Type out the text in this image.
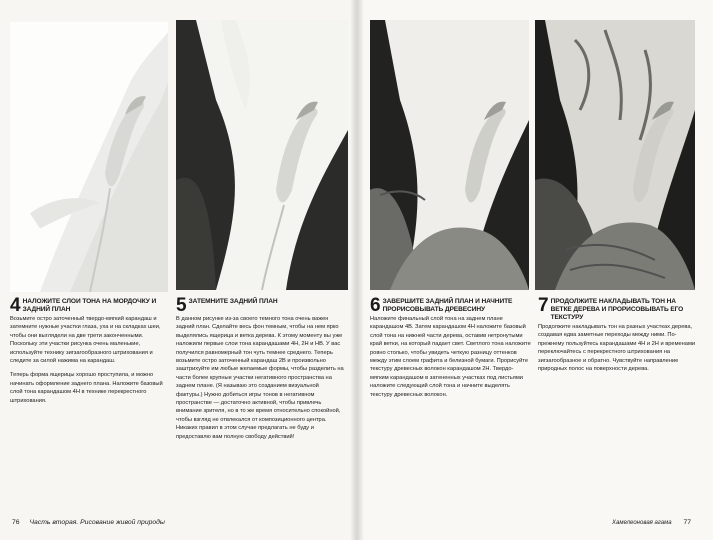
4 НАЛОЖИТЕ СЛОИ ТОНА НА МОРДОЧКУ И ЗАДНИЙ ПЛАН

Возьмите остро заточенный твердо-мягкий карандаш и затемните нужные участки глаза, уха и на складках шеи, чтобы они выглядели на две трети законченными. Поскольку эти участки рисунка очень маленькие, используйте технику зигзагообразного штрихования и следите за силой нажима на карандаш.

Теперь форма ящерицы хорошо проступила, и можно начинать оформление заднего плана. Наложите базовый слой тона карандашом 4H в технике перекрестного штрихования.

5 ЗАТЕМНИТЕ ЗАДНИЙ ПЛАН

В данном рисунке из-за своего темного тона очень важен задний план. Сделайте весь фон темным, чтобы на нем ярко выделялись ящерица и ветка дерева. К этому моменту вы уже наложили первые слои тона карандашами 4H, 2H и HB. У вас получился равномерный тон чуть темнее среднего. Теперь возьмите остро заточенный карандаш 2B и произвольно заштрихуйте им любые желаемые формы, чтобы разделить на части более крупные участки негативного пространства на заднем плане. (Я называю это созданием визуальной фактуры.) Нужно добиться игры тонов в негативном пространстве — достаточно активной, чтобы привлечь внимание зрителя, но в то же время относительно спокойной, чтобы взгляд не отвлекался от композиционного центра. Никаких правил в этом случае предлагать не буду и предоставлю вам полную свободу действий!

6 ЗАВЕРШИТЕ ЗАДНИЙ ПЛАН И НАЧНИТЕ ПРОРИСОВЫВАТЬ ДРЕВЕСИНУ

Наложите финальный слой тона на заднем плане карандашом 4B. Затем карандашом 4H наложите базовый слой тона на нижней части дерева, оставив нетронутыми край ветки, на который падает свет. Светлого тона наложите ровно столько, чтобы увидеть четкую разницу оттенков между этим слоем графита и белизной бумаги. Прорисуйте текстуру древесных волокон карандашом 2H. Твердо-мягким карандашом в затененных участках под листьями наложите следующий слой тона и начните выделять текстуру древесных волокон.

7 ПРОДОЛЖИТЕ НАКЛАДЫВАТЬ ТОН НА ВЕТКЕ ДЕРЕВА И ПРОРИСОВЫВАТЬ ЕГО ТЕКСТУРУ

Продолжите накладывать тон на разных участках дерева, создавая едва заметные переходы между ними. По-прежнему пользуйтесь карандашами 4H и 2H и временами переключайтесь с перекрестного штрихования на зигзагообразное и обратно. Чувствуйте направление природных полос на поверхности дерева.

76 Часть вторая. Рисование живой природы	Хамелеоновая агама 77
